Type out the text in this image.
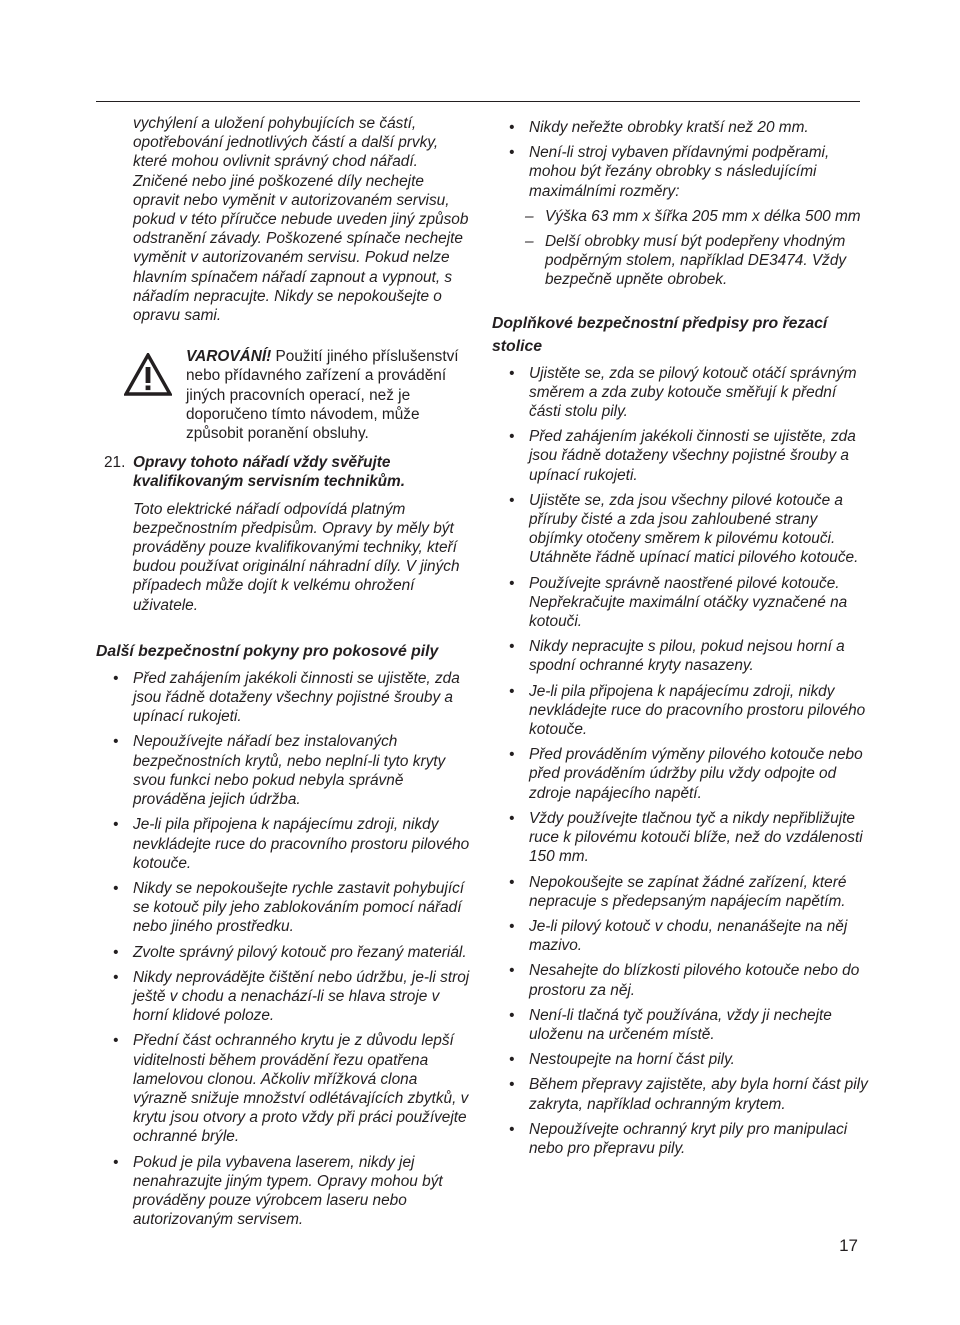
vychýlení a uložení pohybujících se částí, opotřebování jednotlivých částí a další prvky, které mohou ovlivnit správný chod nářadí. Zničené nebo jiné poškozené díly nechejte opravit nebo vyměnit v autorizovaném servisu, pokud v této příručce nebude uveden jiný způsob odstranění závady. Poškozené spínače nechejte vyměnit v autorizovaném servisu. Pokud nelze hlavním spínačem nářadí zapnout a vypnout, s nářadím nepracujte. Nikdy se nepokoušejte o opravu sami.

VAROVÁNÍ! Použití jiného příslušenství nebo přídavného zařízení a provádění jiných pracovních operací, než je doporučeno tímto návodem, může způsobit poranění obsluhy.
21. Opravy tohoto nářadí vždy svěřujte kvalifikovaným servisním technikům.
Toto elektrické nářadí odpovídá platným bezpečnostním předpisům. Opravy by měly být prováděny pouze kvalifikovanými techniky, kteří budou používat originální náhradní díly. V jiných případech může dojít k velkému ohrožení uživatele.
Další bezpečnostní pokyny pro pokosové pily
• Před zahájením jakékoli činnosti se ujistěte, zda jsou řádně dotaženy všechny pojistné šrouby a upínací rukojeti.
• Nepoužívejte nářadí bez instalovaných bezpečnostních krytů, nebo neplní-li tyto kryty svou funkci nebo pokud nebyla správně prováděna jejich údržba.
• Je-li pila připojena k napájecímu zdroji, nikdy nevkládejte ruce do pracovního prostoru pilového kotouče.
• Nikdy se nepokoušejte rychle zastavit pohybující se kotouč pily jeho zablokováním pomocí nářadí nebo jiného prostředku.
• Zvolte správný pilový kotouč pro řezaný materiál.
• Nikdy neprovádějte čištění nebo údržbu, je-li stroj ještě v chodu a nenachází-li se hlava stroje v horní klidové poloze.
• Přední část ochranného krytu je z důvodu lepší viditelnosti během provádění řezu opatřena lamelovou clonou. Ačkoliv mřížková clona výrazně snižuje množství odlétávajících zbytků, v krytu jsou otvory a proto vždy při práci používejte ochranné brýle.
• Pokud je pila vybavena laserem, nikdy jej nenahrazujte jiným typem. Opravy mohou být prováděny pouze výrobcem laseru nebo autorizovaným servisem.
• Nikdy neřežte obrobky kratší než 20 mm.
• Není-li stroj vybaven přídavnými podpěrami, mohou být řezány obrobky s následujícími maximálními rozměry:
– Výška 63 mm x šířka 205 mm x délka 500 mm
– Delší obrobky musí být podepřeny vhodným podpěrným stolem, například DE3474. Vždy bezpečně upněte obrobek.
Doplňkové bezpečnostní předpisy pro řezací stolice
• Ujistěte se, zda se pilový kotouč otáčí správným směrem a zda zuby kotouče směřují k přední části stolu pily.
• Před zahájením jakékoli činnosti se ujistěte, zda jsou řádně dotaženy všechny pojistné šrouby a upínací rukojeti.
• Ujistěte se, zda jsou všechny pilové kotouče a příruby čisté a zda jsou zahloubené strany objímky otočeny směrem k pilovému kotouči. Utáhněte řádně upínací matici pilového kotouče.
• Používejte správně naostřené pilové kotouče. Nepřekračujte maximální otáčky vyznačené na kotouči.
• Nikdy nepracujte s pilou, pokud nejsou horní a spodní ochranné kryty nasazeny.
• Je-li pila připojena k napájecímu zdroji, nikdy nevkládejte ruce do pracovního prostoru pilového kotouče.
• Před prováděním výměny pilového kotouče nebo před prováděním údržby pilu vždy odpojte od zdroje napájecího napětí.
• Vždy používejte tlačnou tyč a nikdy nepřibližujte ruce k pilovému kotouči blíže, než do vzdálenosti 150 mm.
• Nepokoušejte se zapínat žádné zařízení, které nepracuje s předepsaným napájecím napětím.
• Je-li pilový kotouč v chodu, nenanášejte na něj mazivo.
• Nesahejte do blízkosti pilového kotouče nebo do prostoru za něj.
• Není-li tlačná tyč používána, vždy ji nechejte uloženu na určeném místě.
• Nestoupejte na horní část pily.
• Během přepravy zajistěte, aby byla horní část pily zakryta, například ochranným krytem.
• Nepoužívejte ochranný kryt pily pro manipulaci nebo pro přepravu pily.
17
